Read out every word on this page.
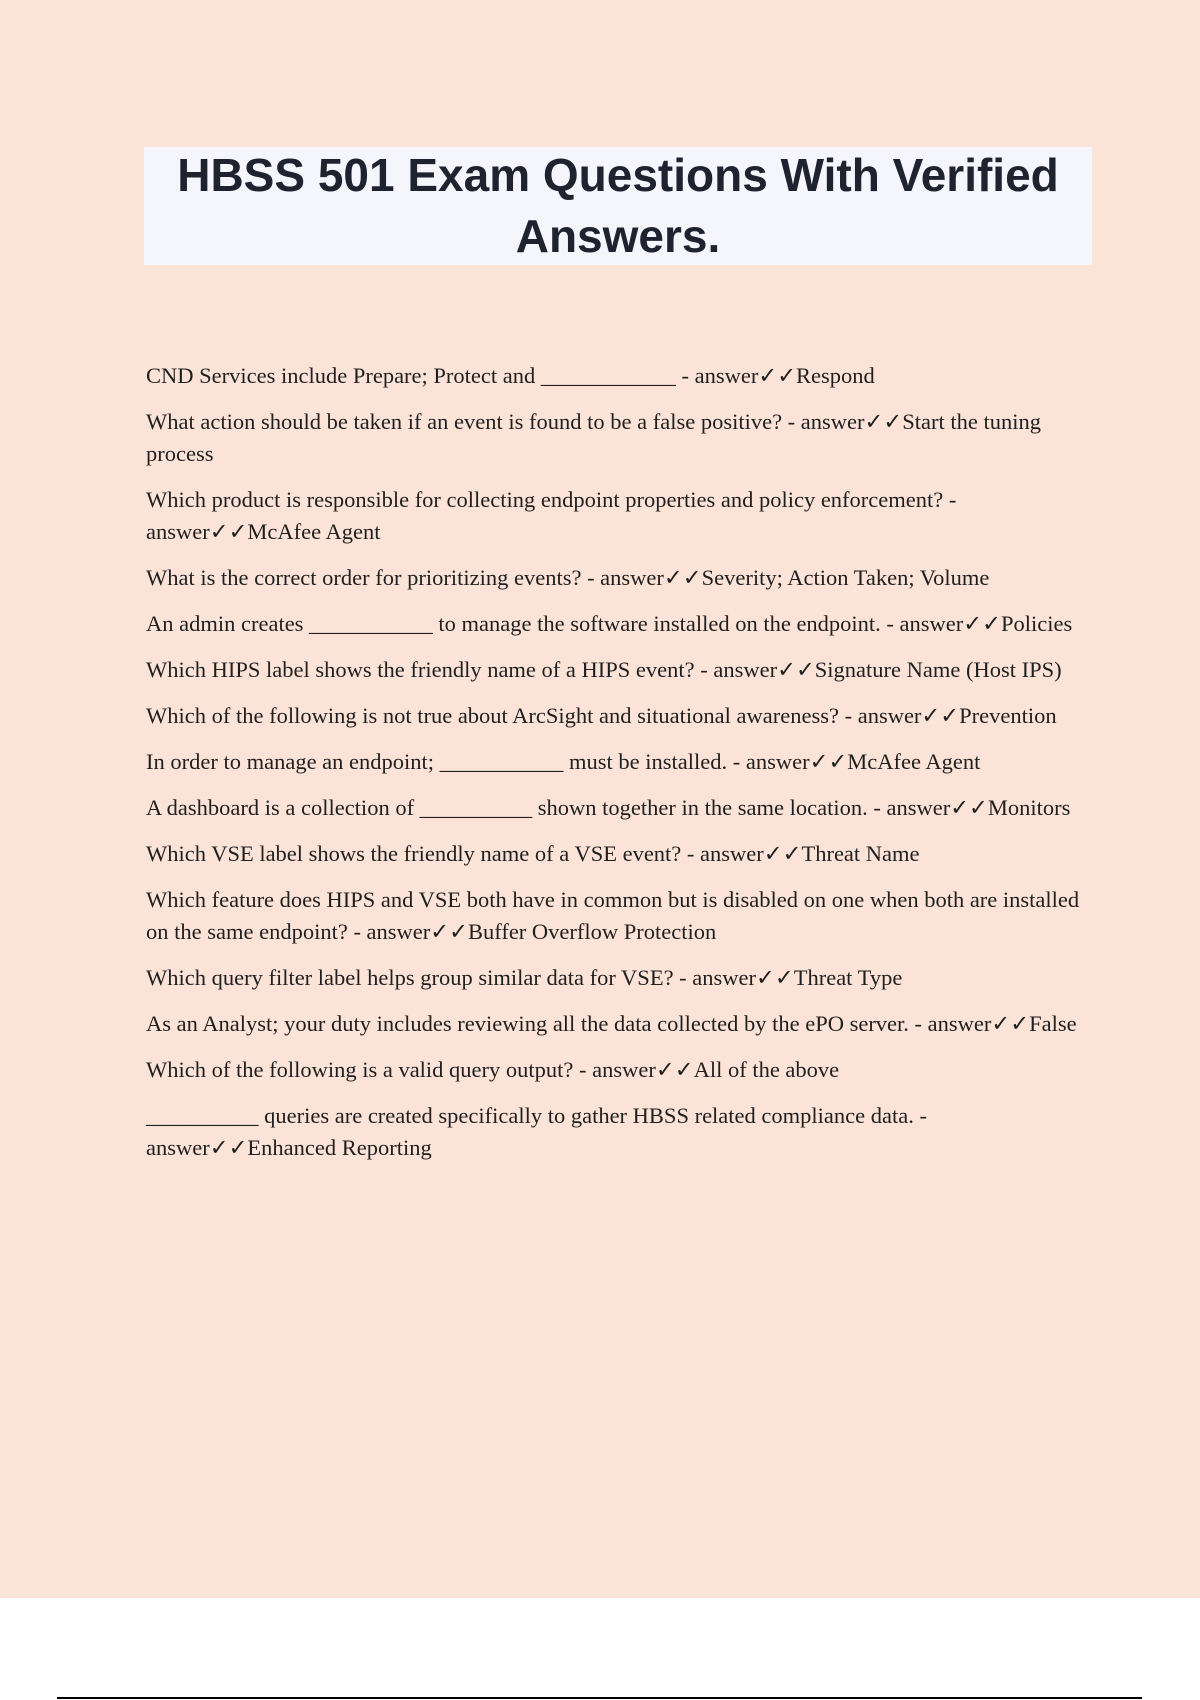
HBSS 501 Exam Questions With Verified Answers.

CND Services include Prepare; Protect and ____________ - answer✓✓Respond

What action should be taken if an event is found to be a false positive? - answer✓✓Start the tuning process

Which product is responsible for collecting endpoint properties and policy enforcement? - answer✓✓McAfee Agent

What is the correct order for prioritizing events? - answer✓✓Severity; Action Taken; Volume

An admin creates ___________ to manage the software installed on the endpoint. - answer✓✓Policies

Which HIPS label shows the friendly name of a HIPS event? - answer✓✓Signature Name (Host IPS)

Which of the following is not true about ArcSight and situational awareness? - answer✓✓Prevention

In order to manage an endpoint; ___________ must be installed. - answer✓✓McAfee Agent

A dashboard is a collection of __________ shown together in the same location. - answer✓✓Monitors

Which VSE label shows the friendly name of a VSE event? - answer✓✓Threat Name

Which feature does HIPS and VSE both have in common but is disabled on one when both are installed on the same endpoint? - answer✓✓Buffer Overflow Protection

Which query filter label helps group similar data for VSE? - answer✓✓Threat Type

As an Analyst; your duty includes reviewing all the data collected by the ePO server. - answer✓✓False

Which of the following is a valid query output? - answer✓✓All of the above

__________ queries are created specifically to gather HBSS related compliance data. - answer✓✓Enhanced Reporting
